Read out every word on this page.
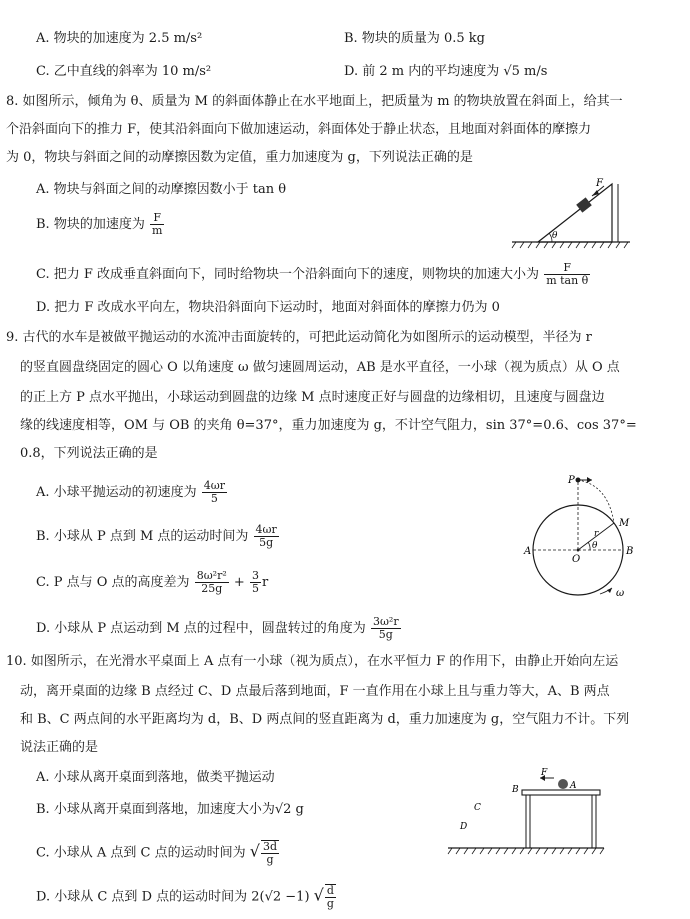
A. 物块的加速度为 2.5 m/s²	B. 物块的质量为 0.5 kg
C. 乙中直线的斜率为 10 m/s²	D. 前 2 m 内的平均速度为 √5 m/s
8. 如图所示，倾角为 θ、质量为 M 的斜面体静止在水平地面上，把质量为 m 的物块放置在斜面上，给其一
个沿斜面向下的推力 F，使其沿斜面向下做加速运动，斜面体处于静止状态，且地面对斜面体的摩擦力
为 0，物块与斜面之间的动摩擦因数为定值，重力加速度为 g，下列说法正确的是
A. 物块与斜面之间的动摩擦因数小于 tan θ
B. 物块的加速度为 $\frac{F}{m}$
C. 把力 F 改成垂直斜面向下，同时给物块一个沿斜面向下的速度，则物块的加速大小为 $\frac{F}{\text{m tan θ}}$
D. 把力 F 改成水平向左，物块沿斜面向下运动时，地面对斜面体的摩擦力仍为 0
F
θ
9. 古代的水车是被做平抛运动的水流冲击面旋转的，可把此运动简化为如图所示的运动模型，半径为 r
的竖直圆盘绕固定的圆心 O 以角速度 ω 做匀速圆周运动，AB 是水平直径，一小球（视为质点）从 O 点
的正上方 P 点水平抛出，小球运动到圆盘的边缘 M 点时速度正好与圆盘的边缘相切，且速度与圆盘边
缘的线速度相等，OM 与 OB 的夹角 θ=37°，重力加速度为 g，不计空气阻力，sin 37°=0.6、cos 37°=
0.8，下列说法正确的是
A. 小球平抛运动的初速度为 $\frac{4\omega r}{5}$
B. 小球从 P 点到 M 点的运动时间为 $\frac{4\omega r}{5g}$
C. P 点与 O 点的高度差为 $\frac{\text{8ω²r²}}{25g} + \frac{3}{5}$ r
D. 小球从 P 点运动到 M 点的过程中，圆盘转过的角度为 $\frac{\text{3ω²r}}{5g}$
P
M
A	B
O
r
θ
ω
10. 如图所示，在光滑水平桌面上 A 点有一小球（视为质点），在水平恒力 F 的作用下，由静止开始向左运
动，离开桌面的边缘 B 点经过 C、D 点最后落到地面，F 一直作用在小球上且与重力等大，A、B 两点
和 B、C 两点间的水平距离均为 d，B、D 两点间的竖直距离为 d，重力加速度为 g，空气阻力不计。下列
说法正确的是
A. 小球从离开桌面到落地，做类平抛运动
B. 小球从离开桌面到落地，加速度大小为√2 g
C. 小球从 A 点到 C 点的运动时间为 √ $\frac{3d}{g}$
D. 小球从 C 点到 D 点的运动时间为 2(√2 −1) √ $\frac{d}{g}$
F
A
B
C
D
